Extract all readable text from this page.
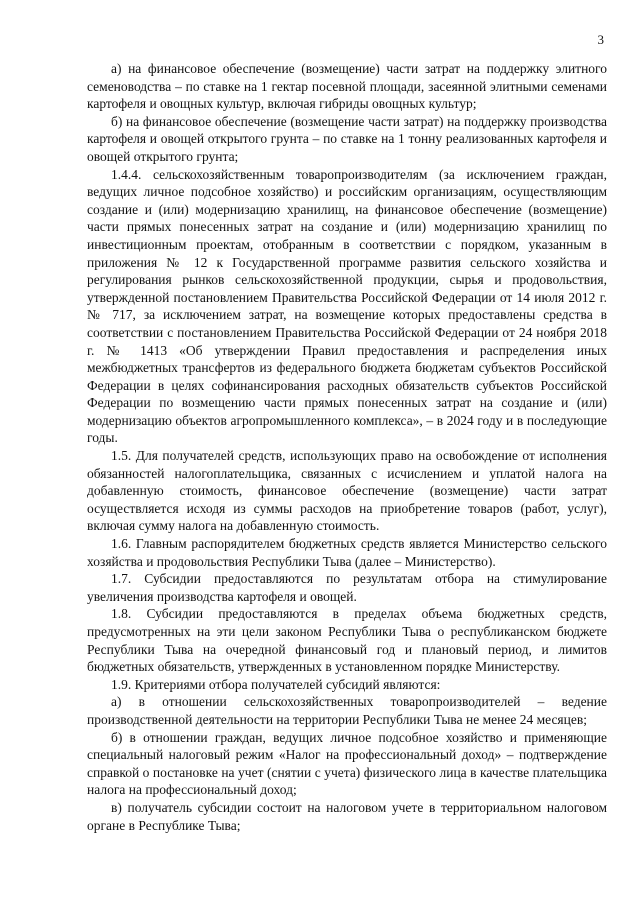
3

а) на финансовое обеспечение (возмещение) части затрат на поддержку элитного семеноводства – по ставке на 1 гектар посевной площади, засеянной элитными семенами картофеля и овощных культур, включая гибриды овощных культур;

б) на финансовое обеспечение (возмещение части затрат) на поддержку производства картофеля и овощей открытого грунта – по ставке на 1 тонну реализованных картофеля и овощей открытого грунта;

1.4.4. сельскохозяйственным товаропроизводителям (за исключением граждан, ведущих личное подсобное хозяйство) и российским организациям, осуществляющим создание и (или) модернизацию хранилищ, на финансовое обеспечение (возмещение) части прямых понесенных затрат на создание и (или) модернизацию хранилищ по инвестиционным проектам, отобранным в соответствии с порядком, указанным в приложения № 12 к Государственной программе развития сельского хозяйства и регулирования рынков сельскохозяйственной продукции, сырья и продовольствия, утвержденной постановлением Правительства Российской Федерации от 14 июля 2012 г. № 717, за исключением затрат, на возмещение которых предоставлены средства в соответствии с постановлением Правительства Российской Федерации от 24 ноября 2018 г. № 1413 «Об утверждении Правил предоставления и распределения иных межбюджетных трансфертов из федерального бюджета бюджетам субъектов Российской Федерации в целях софинансирования расходных обязательств субъектов Российской Федерации по возмещению части прямых понесенных затрат на создание и (или) модернизацию объектов агропромышленного комплекса», – в 2024 году и в последующие годы.

1.5. Для получателей средств, использующих право на освобождение от исполнения обязанностей налогоплательщика, связанных с исчислением и уплатой налога на добавленную стоимость, финансовое обеспечение (возмещение) части затрат осуществляется исходя из суммы расходов на приобретение товаров (работ, услуг), включая сумму налога на добавленную стоимость.

1.6. Главным распорядителем бюджетных средств является Министерство сельского хозяйства и продовольствия Республики Тыва (далее – Министерство).

1.7. Субсидии предоставляются по результатам отбора на стимулирование увеличения производства картофеля и овощей.

1.8. Субсидии предоставляются в пределах объема бюджетных средств, предусмотренных на эти цели законом Республики Тыва о республиканском бюджете Республики Тыва на очередной финансовый год и плановый период, и лимитов бюджетных обязательств, утвержденных в установленном порядке Министерству.

1.9. Критериями отбора получателей субсидий являются:

а) в отношении сельскохозяйственных товаропроизводителей – ведение производственной деятельности на территории Республики Тыва не менее 24 месяцев;

б) в отношении граждан, ведущих личное подсобное хозяйство и применяющие специальный налоговый режим «Налог на профессиональный доход» – подтверждение справкой о постановке на учет (снятии с учета) физического лица в качестве плательщика налога на профессиональный доход;

в) получатель субсидии состоит на налоговом учете в территориальном налоговом органе в Республике Тыва;
